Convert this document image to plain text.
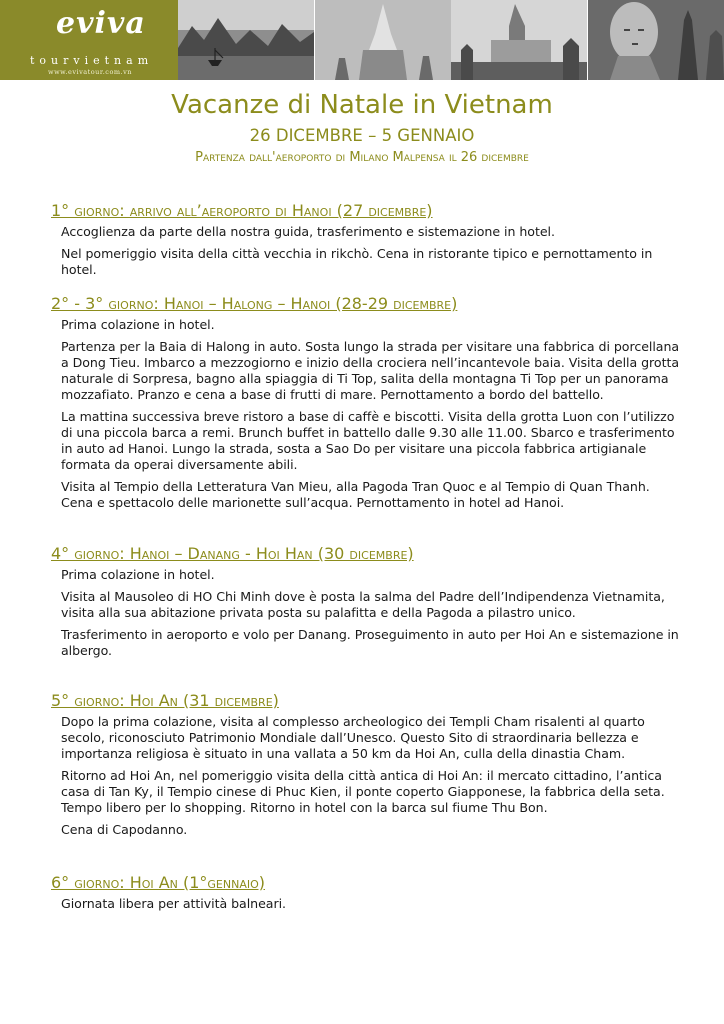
eviva
tourvietnam
www.evivatour.com.vn
Vacanze di Natale in Vietnam
26 DICEMBRE – 5 GENNAIO
Partenza dall'aeroporto di Milano Malpensa il 26 dicembre
1° giorno: arrivo all’aeroporto di Hanoi (27 dicembre)

Accoglienza da parte della nostra guida, trasferimento e sistemazione in hotel.

Nel pomeriggio visita della città vecchia in rikchò. Cena in ristorante tipico e pernottamento in hotel.

2° - 3° giorno: Hanoi – Halong – Hanoi (28-29 dicembre)

Prima colazione in hotel.

Partenza per la Baia di Halong in auto. Sosta lungo la strada per visitare una fabbrica di porcellana a Dong Tieu. Imbarco a mezzogiorno e inizio della crociera nell’incantevole baia. Visita della grotta naturale di Sorpresa, bagno alla spiaggia di Ti Top, salita della montagna Ti Top per un panorama mozzafiato. Pranzo e cena a base di frutti di mare. Pernottamento a bordo del battello.

La mattina successiva breve ristoro a base di caffè e biscotti. Visita della grotta Luon con l’utilizzo di una piccola barca a remi. Brunch buffet in battello dalle 9.30 alle 11.00. Sbarco e trasferimento in auto ad Hanoi. Lungo la strada, sosta a Sao Do per visitare una piccola fabbrica artigianale formata da operai diversamente abili.

Visita al Tempio della Letteratura Van Mieu, alla Pagoda Tran Quoc e al Tempio di Quan Thanh. Cena e spettacolo delle marionette sull’acqua. Pernottamento in hotel ad Hanoi.

4° giorno: Hanoi – Danang - Hoi Han (30 dicembre)

Prima colazione in hotel.

Visita al Mausoleo di HO Chi Minh dove è posta la salma del Padre dell’Indipendenza Vietnamita, visita alla sua abitazione privata posta su palafitta e della Pagoda a pilastro unico.

Trasferimento in aeroporto e volo per Danang. Proseguimento in auto per Hoi An e sistemazione in albergo.

5° giorno: Hoi An (31 dicembre)

Dopo la prima colazione, visita al complesso archeologico dei Templi Cham risalenti al quarto secolo, riconosciuto Patrimonio Mondiale dall’Unesco. Questo Sito di straordinaria bellezza e importanza religiosa è situato in una vallata a 50 km da Hoi An, culla della dinastia Cham.

Ritorno ad Hoi An, nel pomeriggio visita della città antica di Hoi An: il mercato cittadino, l’antica casa di Tan Ky, il Tempio cinese di Phuc Kien, il ponte coperto Giapponese, la fabbrica della seta. Tempo libero per lo shopping. Ritorno in hotel con la barca sul fiume Thu Bon.

Cena di Capodanno.

6° giorno: Hoi An (1°gennaio)

Giornata libera per attività balneari.
